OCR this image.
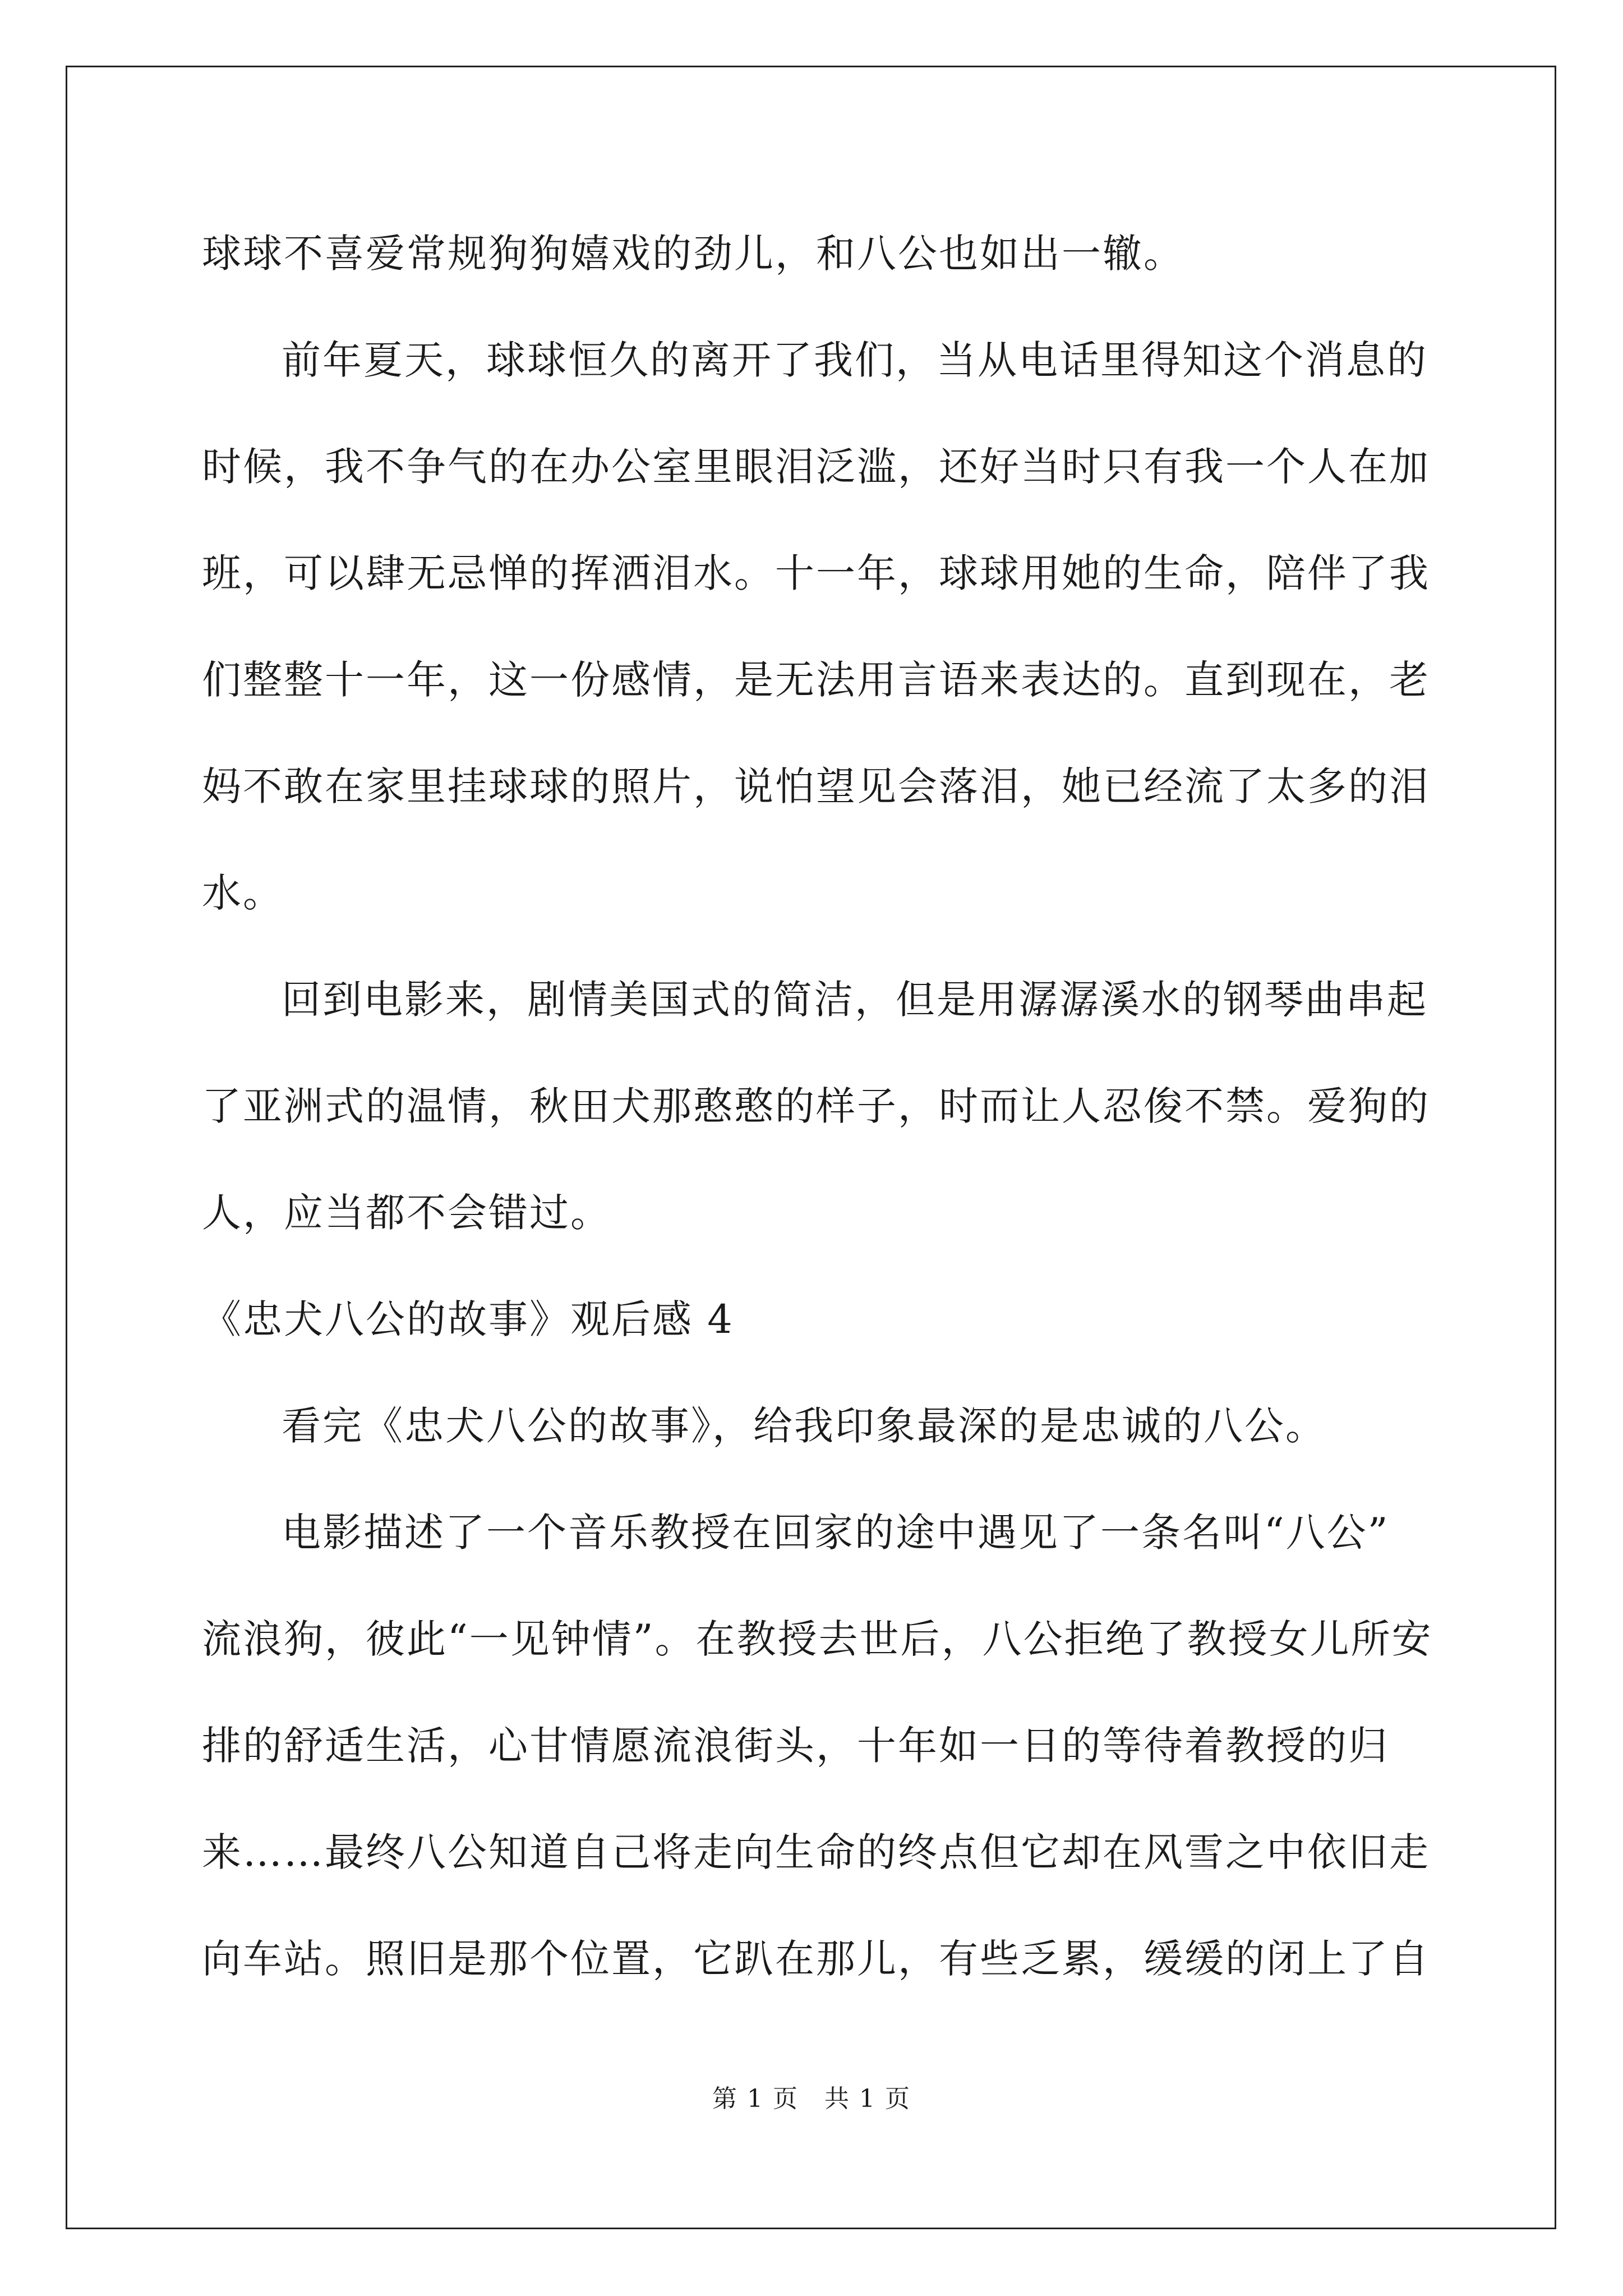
球球不喜爱常规狗狗嬉戏的劲儿，和八公也如出一辙。

前年夏天，球球恒久的离开了我们，当从电话里得知这个消息的

时候，我不争气的在办公室里眼泪泛滥，还好当时只有我一个人在加

班，可以肆无忌惮的挥洒泪水。十一年，球球用她的生命，陪伴了我

们整整十一年，这一份感情，是无法用言语来表达的。直到现在，老

妈不敢在家里挂球球的照片，说怕望见会落泪，她已经流了太多的泪

水。

回到电影来，剧情美国式的简洁，但是用潺潺溪水的钢琴曲串起

了亚洲式的温情，秋田犬那憨憨的样子，时而让人忍俊不禁。爱狗的

人，应当都不会错过。

《忠犬八公的故事》观后感 4

看完《忠犬八公的故事》，给我印象最深的是忠诚的八公。

电影描述了一个音乐教授在回家的途中遇见了一条名叫“八公”

流浪狗，彼此“一见钟情”。在教授去世后，八公拒绝了教授女儿所安

排的舒适生活，心甘情愿流浪街头，十年如一日的等待着教授的归

来……最终八公知道自己将走向生命的终点但它却在风雪之中依旧走

向车站。照旧是那个位置，它趴在那儿，有些乏累，缓缓的闭上了自

第 1 页　共 1 页
